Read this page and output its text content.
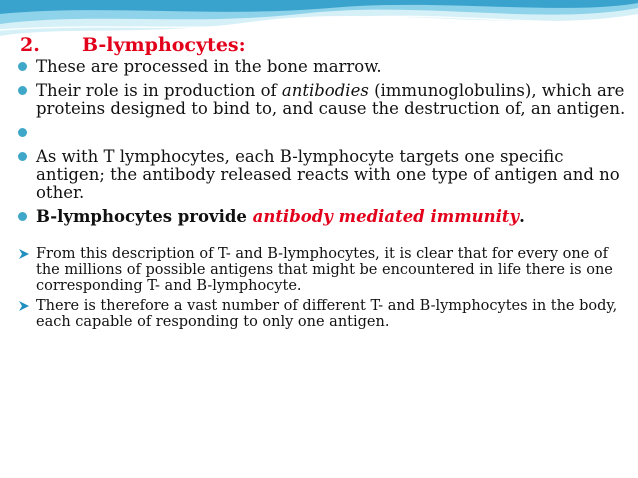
2.	B-lymphocytes:
These are processed in the bone marrow.
Their role is in production of antibodies (immunoglobulins), which are proteins designed to bind to, and cause the destruction of, an antigen.
As with T lymphocytes, each B-lymphocyte targets one specific antigen; the antibody released reacts with one type of antigen and no other.
B-lymphocytes provide antibody mediated immunity.
From this description of T- and B-lymphocytes, it is clear that for every one of the millions of possible antigens that might be encountered in life there is one corresponding T- and B-lymphocyte.
There is therefore a vast number of different T- and B-lymphocytes in the body, each capable of responding to only one antigen.
